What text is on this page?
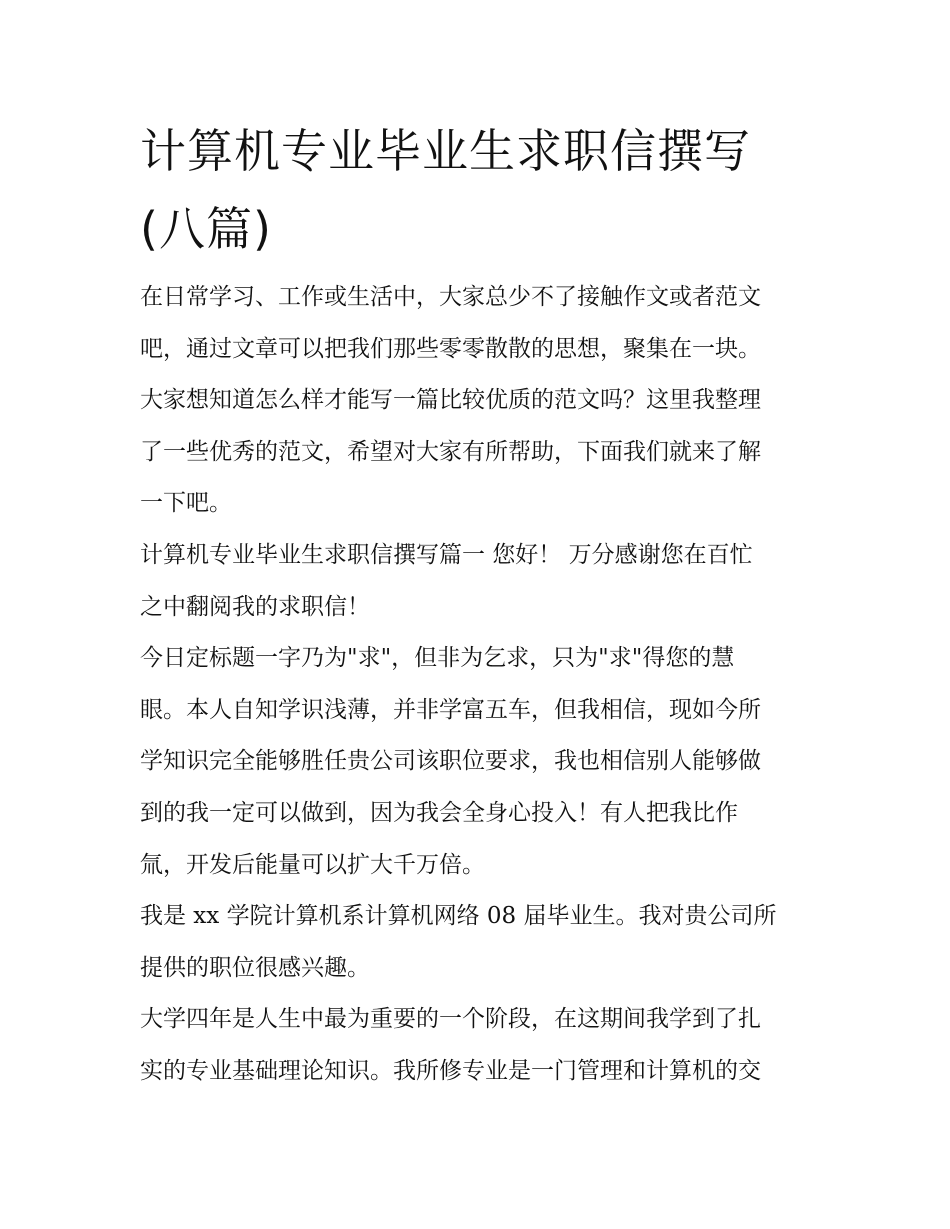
计算机专业毕业生求职信撰写
(八篇)

在日常学习、工作或生活中，大家总少不了接触作文或者范文
吧，通过文章可以把我们那些零零散散的思想，聚集在一块。
大家想知道怎么样才能写一篇比较优质的范文吗？这里我整理
了一些优秀的范文，希望对大家有所帮助，下面我们就来了解
一下吧。

计算机专业毕业生求职信撰写篇一 您好！ 万分感谢您在百忙
之中翻阅我的求职信！

今日定标题一字乃为"求"，但非为乞求，只为"求"得您的慧
眼。本人自知学识浅薄，并非学富五车，但我相信，现如今所
学知识完全能够胜任贵公司该职位要求，我也相信别人能够做
到的我一定可以做到，因为我会全身心投入！有人把我比作
氚，开发后能量可以扩大千万倍。

我是 xx 学院计算机系计算机网络 08 届毕业生。我对贵公司所
提供的职位很感兴趣。

大学四年是人生中最为重要的一个阶段，在这期间我学到了扎
实的专业基础理论知识。我所修专业是一门管理和计算机的交
